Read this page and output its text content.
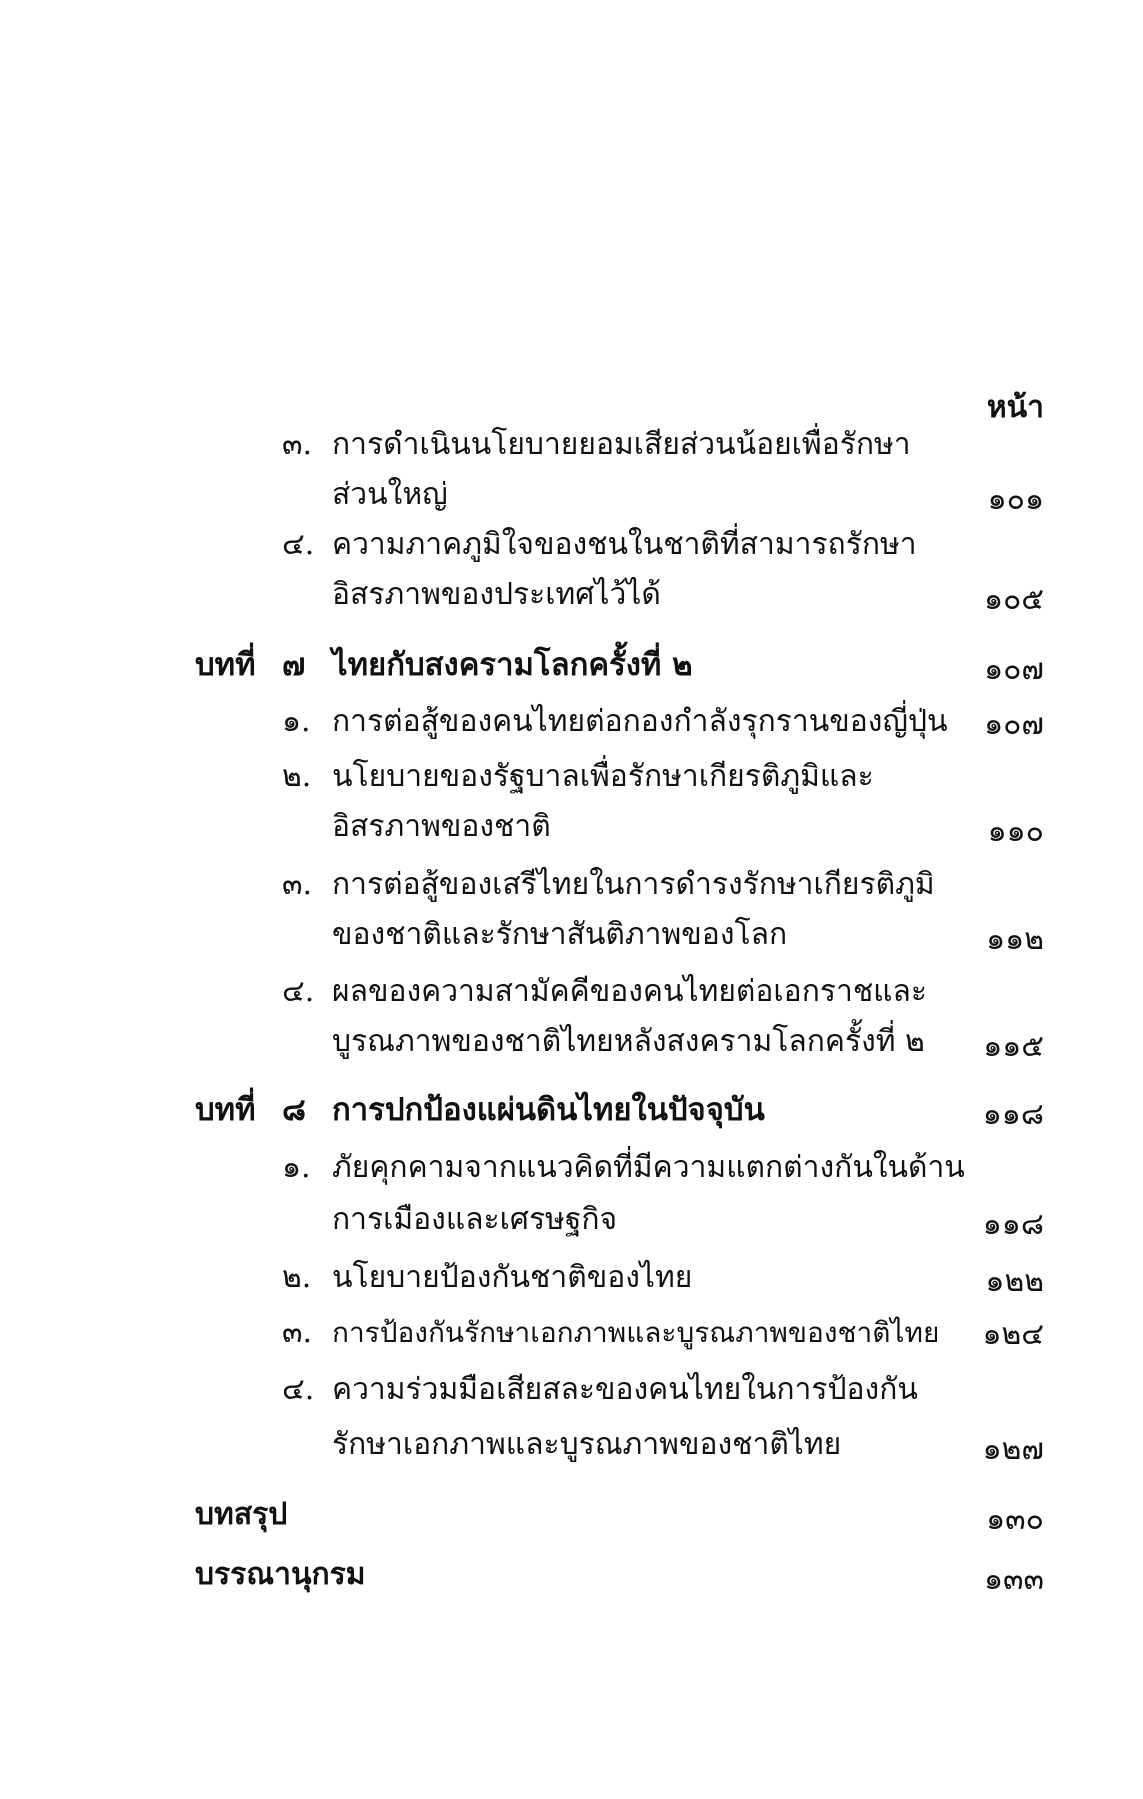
หน้า
๓. การดำเนินนโยบายยอมเสียส่วนน้อยเพื่อรักษา
ส่วนใหญ่	๑๐๑
๔. ความภาคภูมิใจของชนในชาติที่สามารถรักษา
อิสรภาพของประเทศไว้ได้	๑๐๕
บทที่ ๗ ไทยกับสงครามโลกครั้งที่ ๒	๑๐๗
๑. การต่อสู้ของคนไทยต่อกองกำลังรุกรานของญี่ปุ่น	๑๐๗
๒. นโยบายของรัฐบาลเพื่อรักษาเกียรติภูมิและ
อิสรภาพของชาติ	๑๑๐
๓. การต่อสู้ของเสรีไทยในการดำรงรักษาเกียรติภูมิ
ของชาติและรักษาสันติภาพของโลก	๑๑๒
๔. ผลของความสามัคคีของคนไทยต่อเอกราชและ
บูรณภาพของชาติไทยหลังสงครามโลกครั้งที่ ๒	๑๑๕
บทที่ ๘ การปกป้องแผ่นดินไทยในปัจจุบัน	๑๑๘
๑. ภัยคุกคามจากแนวคิดที่มีความแตกต่างกันในด้าน
การเมืองและเศรษฐกิจ	๑๑๘
๒. นโยบายป้องกันชาติของไทย	๑๒๒
๓. การป้องกันรักษาเอกภาพและบูรณภาพของชาติไทย	๑๒๔
๔. ความร่วมมือเสียสละของคนไทยในการป้องกัน
รักษาเอกภาพและบูรณภาพของชาติไทย	๑๒๗
บทสรุป	๑๓๐
บรรณานุกรม	๑๓๓
